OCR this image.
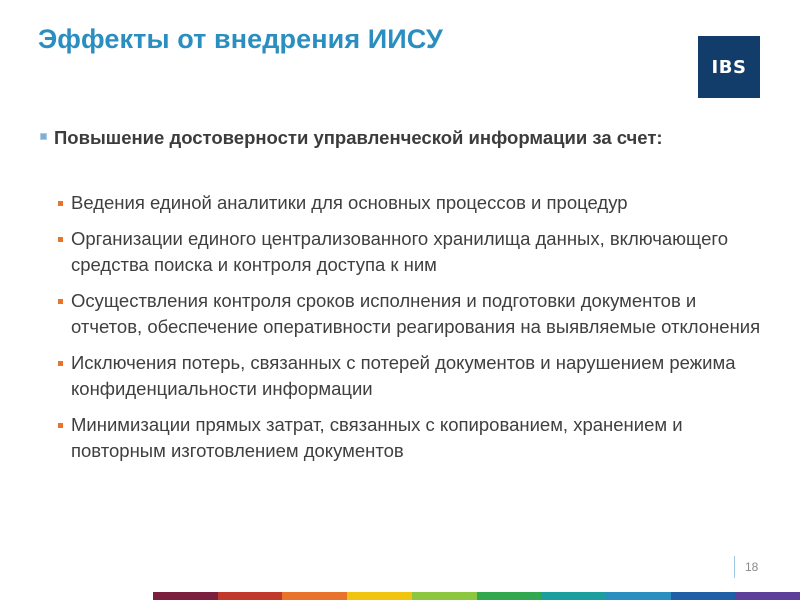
Эффекты от внедрения ИИСУ
IBS

Повышение достоверности управленческой информации за счет:

Ведения единой аналитики для основных процессов и процедур
Организации единого централизованного хранилища данных, включающего средства поиска и контроля доступа к ним
Осуществления контроля сроков исполнения и подготовки документов и отчетов, обеспечение оперативности реагирования на выявляемые отклонения
Исключения потерь, связанных с потерей документов и нарушением режима конфиденциальности информации
Минимизации прямых затрат, связанных с копированием, хранением и повторным изготовлением документов
18
